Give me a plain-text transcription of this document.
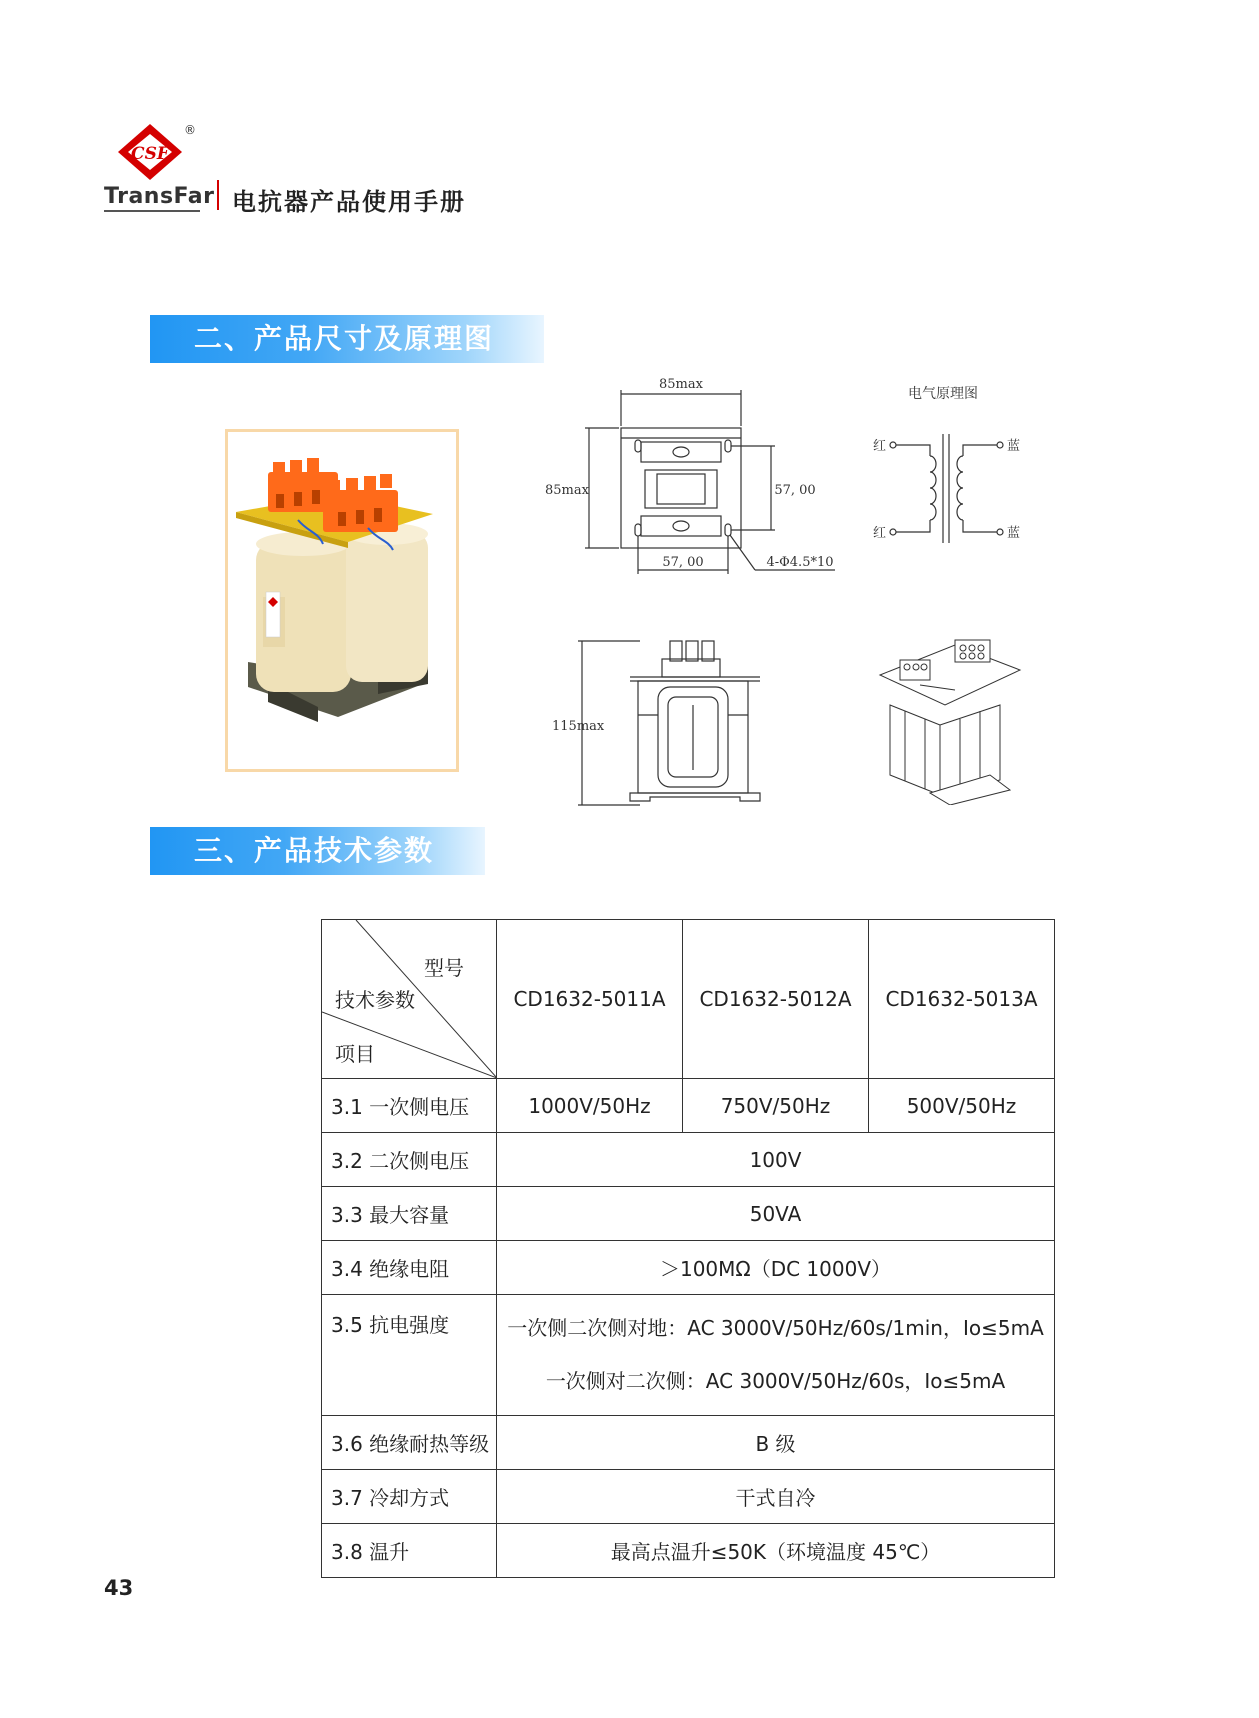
CSF
®
TransFar 电抗器产品使用手册
二、产品尺寸及原理图
85max
85max	57, 00
57, 00	4-Φ4.5*10
电气原理图
红
红
蓝
蓝
115max
三、产品技术参数
型号
技术参数
项目	CD1632-5011A	CD1632-5012A	CD1632-5013A
3.1 一次侧电压	1000V/50Hz	750V/50Hz	500V/50Hz
3.2 二次侧电压	100V		
3.3 最大容量	50VA		
3.4 绝缘电阻	＞100MΩ（DC 1000V）		
3.5 抗电强度	一次侧二次侧对地：AC 3000V/50Hz/60s/1min，Io≤5mA
一次侧对二次侧：AC 3000V/50Hz/60s，Io≤5mA		

3.6 绝缘耐热等级	B 级		
3.7 冷却方式	干式自冷		
3.8 温升	最高点温升≤50K（环境温度 45℃）		
43
